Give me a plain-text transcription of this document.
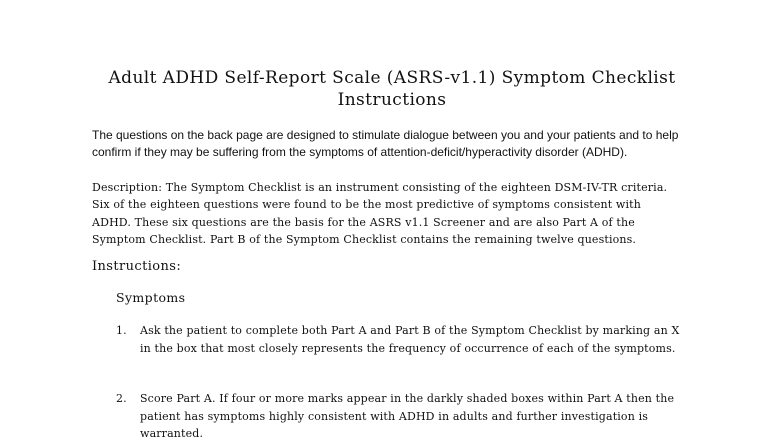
Adult ADHD Self-Report Scale (ASRS-v1.1) Symptom Checklist
Instructions
The questions on the back page are designed to stimulate dialogue between you and your patients and to help
confirm if they may be suffering from the symptoms of attention-deficit/hyperactivity disorder (ADHD).
Description: The Symptom Checklist is an instrument consisting of the eighteen DSM-IV-TR criteria.
Six of the eighteen questions were found to be the most predictive of symptoms consistent with
ADHD. These six questions are the basis for the ASRS v1.1 Screener and are also Part A of the
Symptom Checklist. Part B of the Symptom Checklist contains the remaining twelve questions.
Instructions:
Symptoms
1. Ask the patient to complete both Part A and Part B of the Symptom Checklist by marking an X
in the box that most closely represents the frequency of occurrence of each of the symptoms.
2. Score Part A. If four or more marks appear in the darkly shaded boxes within Part A then the
patient has symptoms highly consistent with ADHD in adults and further investigation is
warranted.
